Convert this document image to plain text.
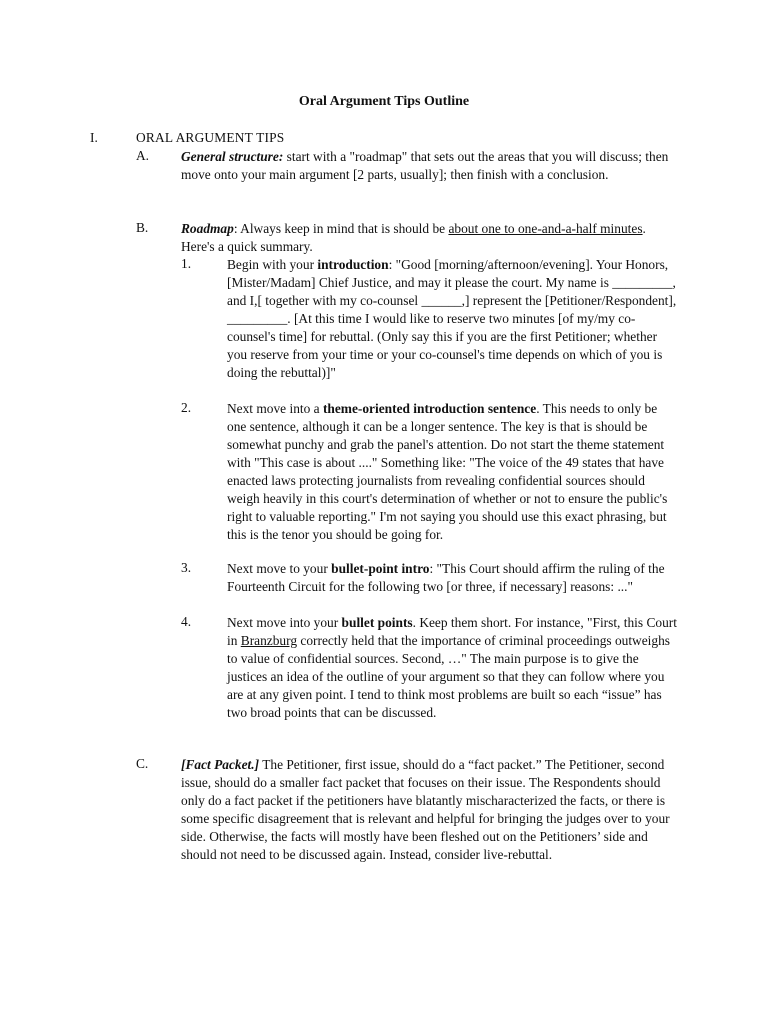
Oral Argument Tips Outline
I.	ORAL ARGUMENT TIPS
A. General structure: start with a "roadmap" that sets out the areas that you will discuss; then move onto your main argument [2 parts, usually]; then finish with a conclusion.
B. Roadmap: Always keep in mind that is should be about one to one-and-a-half minutes. Here's a quick summary.
1.	Begin with your introduction: "Good [morning/afternoon/evening]. Your Honors, [Mister/Madam] Chief Justice, and may it please the court. My name is _________, and I,[ together with my co-counsel ______,] represent the [Petitioner/Respondent], _________. [At this time I would like to reserve two minutes [of my/my co-counsel's time] for rebuttal. (Only say this if you are the first Petitioner; whether you reserve from your time or your co-counsel's time depends on which of you is doing the rebuttal)]"
2.	Next move into a theme-oriented introduction sentence. This needs to only be one sentence, although it can be a longer sentence. The key is that is should be somewhat punchy and grab the panel's attention. Do not start the theme statement with "This case is about ...." Something like: "The voice of the 49 states that have enacted laws protecting journalists from revealing confidential sources should weigh heavily in this court's determination of whether or not to ensure the public's right to valuable reporting." I'm not saying you should use this exact phrasing, but this is the tenor you should be going for.
3.	Next move to your bullet-point intro: "This Court should affirm the ruling of the Fourteenth Circuit for the following two [or three, if necessary] reasons: ..."
4.	Next move into your bullet points. Keep them short. For instance, "First, this Court in Branzburg correctly held that the importance of criminal proceedings outweighs to value of confidential sources. Second, …" The main purpose is to give the justices an idea of the outline of your argument so that they can follow where you are at any given point. I tend to think most problems are built so each “issue” has two broad points that can be discussed.
C. [Fact Packet.] The Petitioner, first issue, should do a “fact packet.” The Petitioner, second issue, should do a smaller fact packet that focuses on their issue. The Respondents should only do a fact packet if the petitioners have blatantly mischaracterized the facts, or there is some specific disagreement that is relevant and helpful for bringing the judges over to your side. Otherwise, the facts will mostly have been fleshed out on the Petitioners’ side and should not need to be discussed again. Instead, consider live-rebuttal.
